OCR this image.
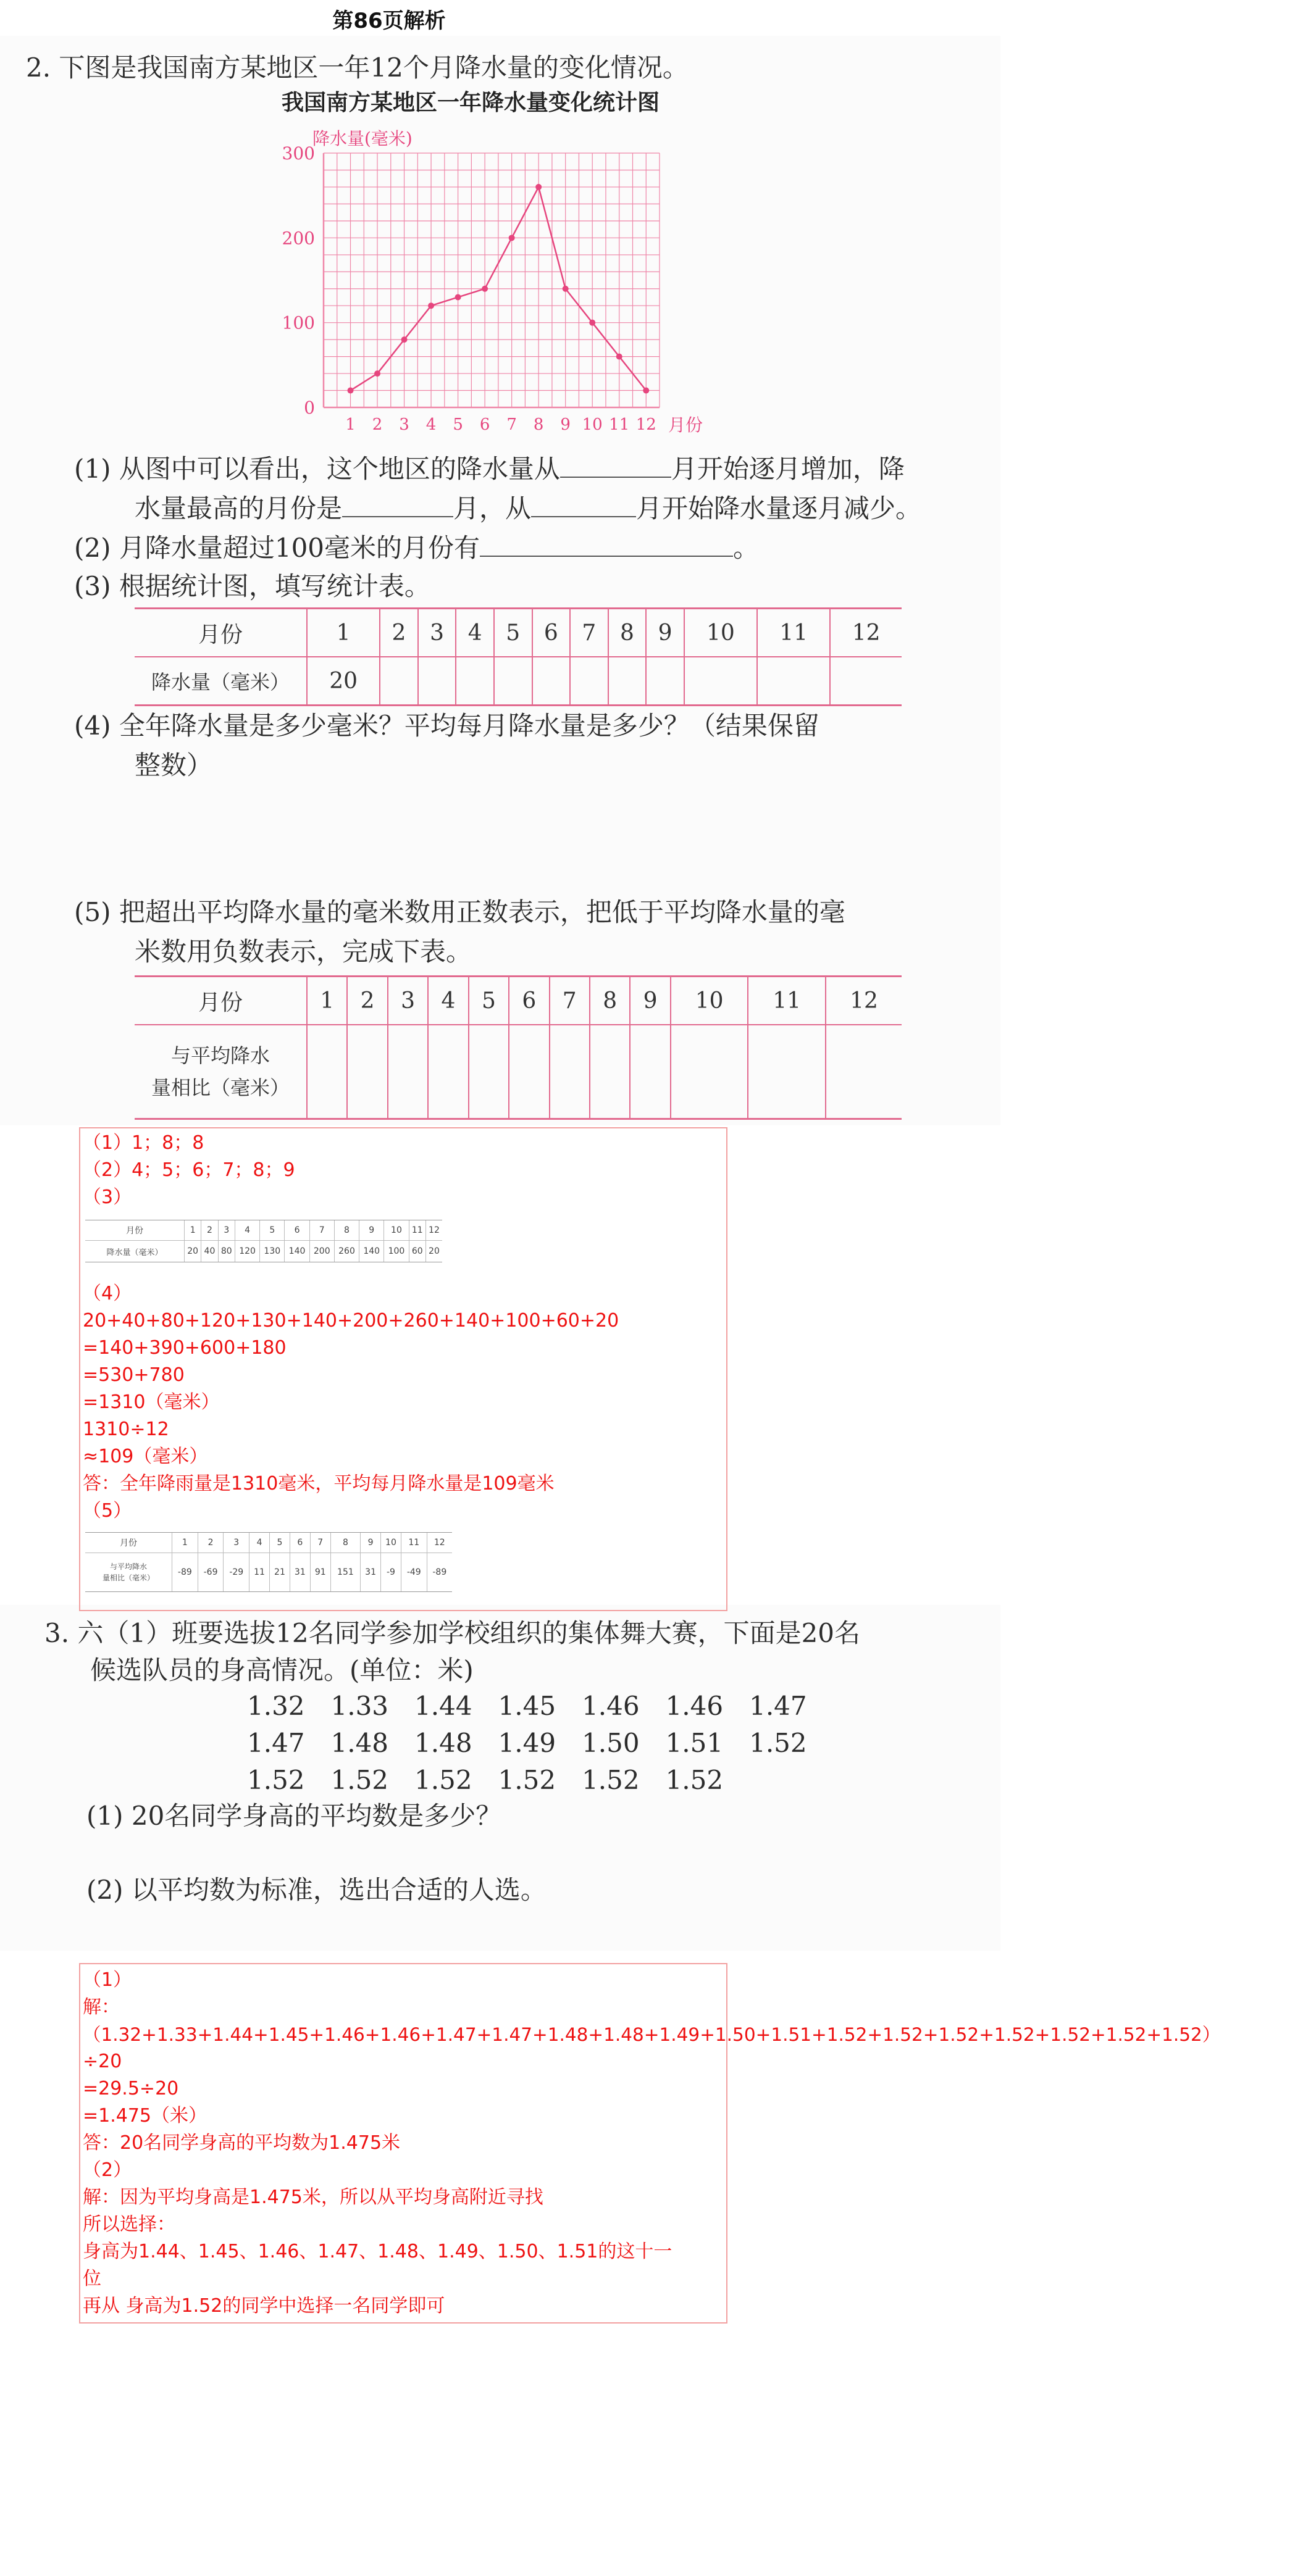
第86页解析
2. 下图是我国南方某地区一年12个月降水量的变化情况。
我国南方某地区一年降水量变化统计图
0
100
200
300
1 2 3 4 5 6 7 8 9 10 11 12
降水量(毫米)
月份
(1) 从图中可以看出，这个地区的降水量从	月开始逐月增加，降
水量最高的月份是	月，从	月开始降水量逐月减少。
(2) 月降水量超过100毫米的月份有	。
(3) 根据统计图，填写统计表。
月份	1	2	3	4	5	6	7	8	9	10	11	12
降水量（毫米）	20											
(4) 全年降水量是多少毫米？平均每月降水量是多少？（结果保留
整数）
(5) 把超出平均降水量的毫米数用正数表示，把低于平均降水量的毫
米数用负数表示，完成下表。
月份	1	2	3	4	5	6	7	8	9	10	11	12
与平均降水
量相比（毫米）												
（1）1；8；8
（2）4；5；6；7；8；9
（3）
月份	1	2	3	4	5	6	7	8	9	10	11	12
降水量（毫米）	20	40	80	120	130	140	200	260	140	100	60	20
（4）
20+40+80+120+130+140+200+260+140+100+60+20
=140+390+600+180
=530+780
=1310（毫米）
1310÷12
≈109（毫米）
答：全年降雨量是1310毫米，平均每月降水量是109毫米
（5）
月份	1	2	3	4	5	6	7	8	9	10	11	12
与平均降水
量相比（毫米）	-89	-69	-29	11	21	31	91	151	31	-9	-49	-89
3. 六（1）班要选拔12名同学参加学校组织的集体舞大赛，下面是20名
候选队员的身高情况。(单位：米)
1.32　1.33　1.44　1.45　1.46　1.46　1.47
1.47　1.48　1.48　1.49　1.50　1.51　1.52
1.52　1.52　1.52　1.52　1.52　1.52
(1) 20名同学身高的平均数是多少？
(2) 以平均数为标准，选出合适的人选。
（1）
解：
（1.32+1.33+1.44+1.45+1.46+1.46+1.47+1.47+1.48+1.48+1.49+1.50+1.51+1.52+1.52+1.52+1.52+1.52+1.52+1.52）
÷20
=29.5÷20
=1.475（米）
答：20名同学身高的平均数为1.475米
（2）
解：因为平均身高是1.475米，所以从平均身高附近寻找
所以选择：
身高为1.44、1.45、1.46、1.47、1.48、1.49、1.50、1.51的这十一
位
再从 身高为1.52的同学中选择一名同学即可
